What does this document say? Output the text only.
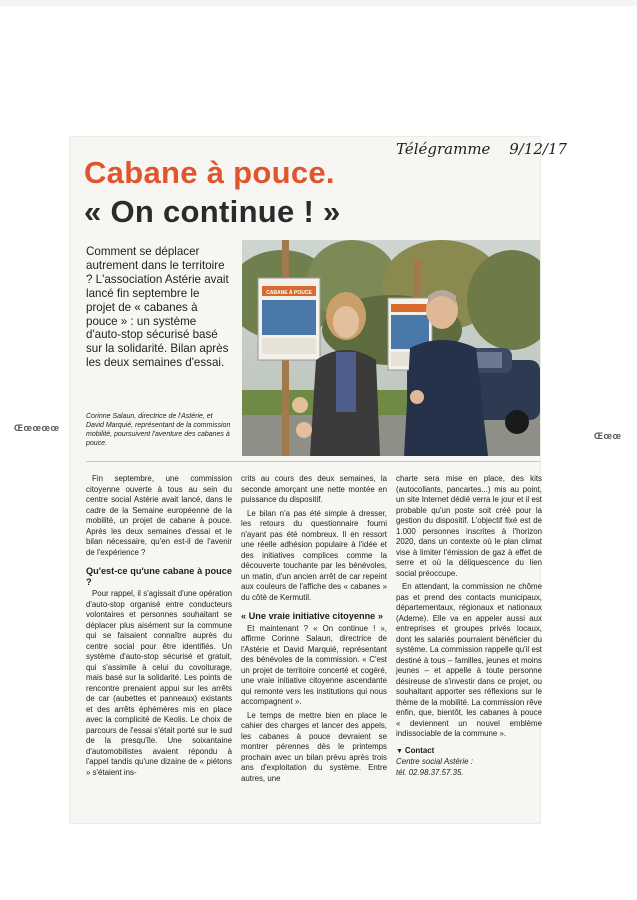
Télégramme 9/12/17
Cabane à pouce.
« On continue ! »
Comment se déplacer autrement dans le territoire ? L'association Astérie avait lancé fin septembre le projet de « cabanes à pouce » : un système d'auto-stop sécurisé basé sur la solidarité. Bilan après les deux semaines d'essai.
CABANE À POUCE
Corinne Salaun, directrice de l'Astérie, et David Marquié, représentant de la commission mobilité, poursuivent l'aventure des cabanes à pouce.
Œœœœœ
Œœœ

Fin septembre, une commission citoyenne ouverte à tous au sein du centre social Astérie avait lancé, dans le cadre de la Semaine européenne de la mobilité, un projet de cabane à pouce. Après les deux semaines d'essai et le bilan nécessaire, qu'en est-il de l'avenir de l'expérience ?

Qu'est-ce qu'une cabane à pouce ?

Pour rappel, il s'agissait d'une opération d'auto-stop organisé entre conducteurs volontaires et personnes souhaitant se déplacer plus aisément sur la commune qui se faisaient connaître auprès du centre social pour être identifiés. Un système d'auto-stop sécurisé et gratuit, qui s'assimile à celui du covoiturage, mais basé sur la solidarité. Les points de rencontre prenaient appui sur les arrêts de car (aubettes et panneaux) existants et des arrêts éphémères mis en place avec la complicité de Keolis. Le choix de parcours de l'essai s'était porté sur le sud de la presqu'île. Une soixantaine d'automobilistes avaient répondu à l'appel tandis qu'une dizaine de « piétons » s'étaient ins-

crits au cours des deux semaines, la seconde amorçant une nette montée en puissance du dispositif.

Le bilan n'a pas été simple à dresser, les retours du questionnaire fourni n'ayant pas été nombreux. Il en ressort une réelle adhésion populaire à l'idée et des initiatives complices comme la découverte touchante par les bénévoles, un matin, d'un ancien arrêt de car repeint aux couleurs de l'affiche des « cabanes » du côté de Kermutil.

« Une vraie initiative citoyenne »

Et maintenant ? « On continue ! », affirme Corinne Salaun, directrice de l'Astérie et David Marquié, représentant des bénévoles de la commission. « C'est un projet de territoire concerté et cogéré, une vraie initiative citoyenne ascendante qui remonte vers les institutions qui nous accompagnent ».

Le temps de mettre bien en place le cahier des charges et lancer des appels, les cabanes à pouce devraient se montrer pérennes dès le printemps prochain avec un bilan prévu après trois ans d'exploitation du système. Entre autres, une

charte sera mise en place, des kits (autocollants, pancartes...) mis au point, un site Internet dédié verra le jour et il est probable qu'un poste soit créé pour la gestion du dispositif. L'objectif fixé est de 1.000 personnes inscrites à l'horizon 2020, dans un contexte où le plan climat vise à limiter l'émission de gaz à effet de serre et où la déliquescence du lien social préoccupe.

En attendant, la commission ne chôme pas et prend des contacts municipaux, départementaux, régionaux et nationaux (Ademe). Elle va en appeler aussi aux entreprises et groupes privés locaux, dont les salariés pourraient bénéficier du système. La commission rappelle qu'il est destiné à tous – familles, jeunes et moins jeunes – et appelle à toute personne désireuse de s'investir dans ce projet, ou souhaitant apporter ses réflexions sur le thème de la mobilité. La commission rêve enfin, que, bientôt, les cabanes à pouce « deviennent un nouvel emblème indissociable de la commune ».

▼ Contact
Centre social Astérie :
tél. 02.98.37.57.35.
